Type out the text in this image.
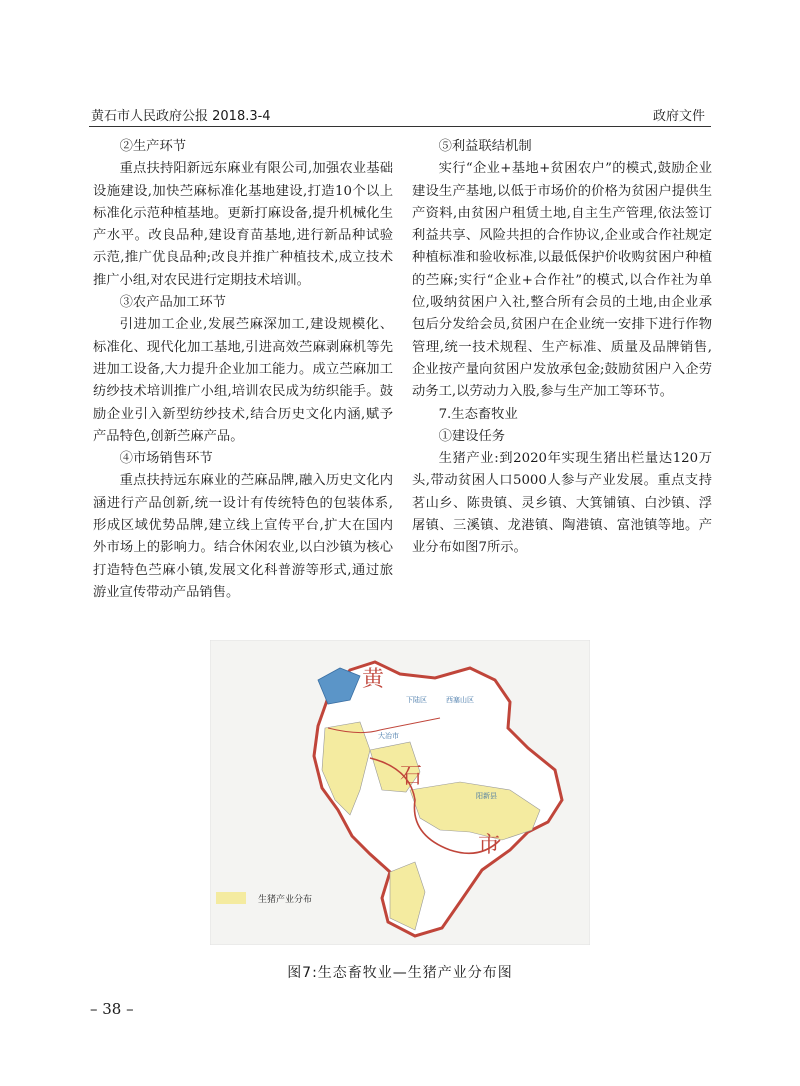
黄石市人民政府公报 2018.3-4	政府文件
②生产环节

重点扶持阳新远东麻业有限公司,加强农业基础设施建设,加快苎麻标准化基地建设,打造10个以上标准化示范种植基地。更新打麻设备,提升机械化生产水平。改良品种,建设育苗基地,进行新品种试验示范,推广优良品种;改良并推广种植技术,成立技术推广小组,对农民进行定期技术培训。

③农产品加工环节

引进加工企业,发展苎麻深加工,建设规模化、标准化、现代化加工基地,引进高效苎麻剥麻机等先进加工设备,大力提升企业加工能力。成立苎麻加工纺纱技术培训推广小组,培训农民成为纺织能手。鼓励企业引入新型纺纱技术,结合历史文化内涵,赋予产品特色,创新苎麻产品。

④市场销售环节

重点扶持远东麻业的苎麻品牌,融入历史文化内涵进行产品创新,统一设计有传统特色的包装体系,形成区域优势品牌,建立线上宣传平台,扩大在国内外市场上的影响力。结合休闲农业,以白沙镇为核心打造特色苎麻小镇,发展文化科普游等形式,通过旅游业宣传带动产品销售。

⑤利益联结机制

实行“企业+基地+贫困农户”的模式,鼓励企业建设生产基地,以低于市场价的价格为贫困户提供生产资料,由贫困户租赁土地,自主生产管理,依法签订利益共享、风险共担的合作协议,企业或合作社规定种植标准和验收标准,以最低保护价收购贫困户种植的苎麻;实行“企业+合作社”的模式,以合作社为单位,吸纳贫困户入社,整合所有会员的土地,由企业承包后分发给会员,贫困户在企业统一安排下进行作物管理,统一技术规程、生产标准、质量及品牌销售,企业按产量向贫困户发放承包金;鼓励贫困户入企劳动务工,以劳动力入股,参与生产加工等环节。

7.生态畜牧业
①建设任务

生猪产业:到2020年实现生猪出栏量达120万头,带动贫困人口5000人参与产业发展。重点支持茗山乡、陈贵镇、灵乡镇、大箕铺镇、白沙镇、浮屠镇、三溪镇、龙港镇、陶港镇、富池镇等地。产业分布如图7所示。

黄
石
市
大冶市
阳新县
下陆区	西塞山区
生猪产业分布
图7:生态畜牧业—生猪产业分布图
– 38 –
